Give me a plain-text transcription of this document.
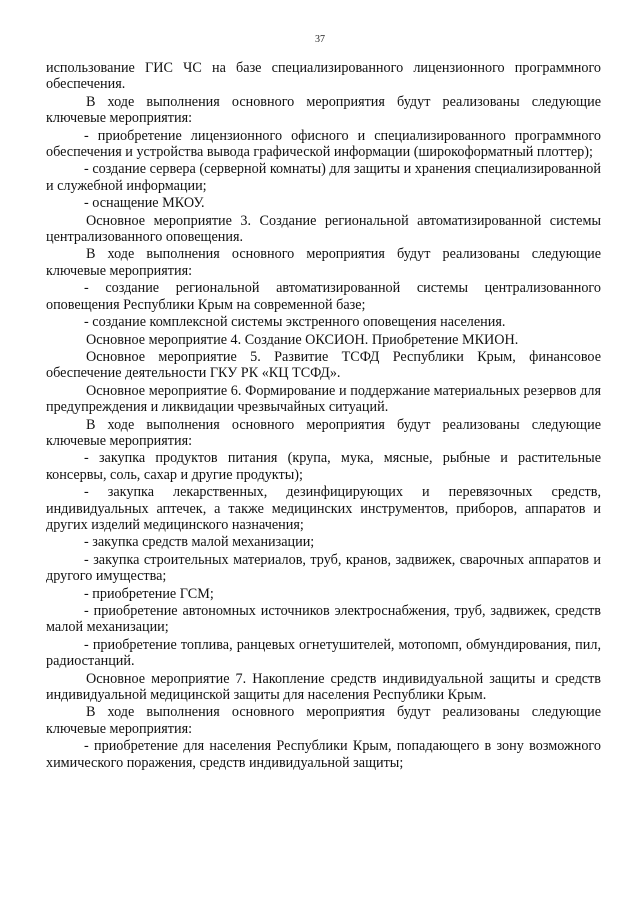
37

использование ГИС ЧС на базе специализированного лицензионного программного обеспечения.

В ходе выполнения основного мероприятия будут реализованы следующие ключевые мероприятия:

- приобретение лицензионного офисного и специализированного программного обеспечения и устройства вывода графической информации (широкоформатный плоттер);

- создание сервера (серверной комнаты) для защиты и хранения специализированной и служебной информации;

- оснащение МКОУ.

Основное мероприятие 3. Создание региональной автоматизированной системы централизованного оповещения.

В ходе выполнения основного мероприятия будут реализованы следующие ключевые мероприятия:

- создание региональной автоматизированной системы централизованного оповещения Республики Крым на современной базе;

- создание комплексной системы экстренного оповещения населения.

Основное мероприятие 4. Создание ОКСИОН. Приобретение МКИОН.

Основное мероприятие 5. Развитие ТСФД Республики Крым, финансовое обеспечение деятельности ГКУ РК «КЦ ТСФД».

Основное мероприятие 6. Формирование и поддержание материальных резервов для предупреждения и ликвидации чрезвычайных ситуаций.

В ходе выполнения основного мероприятия будут реализованы следующие ключевые мероприятия:

- закупка продуктов питания (крупа, мука, мясные, рыбные и растительные консервы, соль, сахар и другие продукты);

- закупка лекарственных, дезинфицирующих и перевязочных средств, индивидуальных аптечек, а также медицинских инструментов, приборов, аппаратов и других изделий медицинского назначения;

- закупка средств малой механизации;

- закупка строительных материалов, труб, кранов, задвижек, сварочных аппаратов и другого имущества;

- приобретение ГСМ;

- приобретение автономных источников электроснабжения, труб, задвижек, средств малой механизации;

- приобретение топлива, ранцевых огнетушителей, мотопомп, обмундирования, пил, радиостанций.

Основное мероприятие 7. Накопление средств индивидуальной защиты и средств индивидуальной медицинской защиты для населения Республики Крым.

В ходе выполнения основного мероприятия будут реализованы следующие ключевые мероприятия:

- приобретение для населения Республики Крым, попадающего в зону возможного химического поражения, средств индивидуальной защиты;
